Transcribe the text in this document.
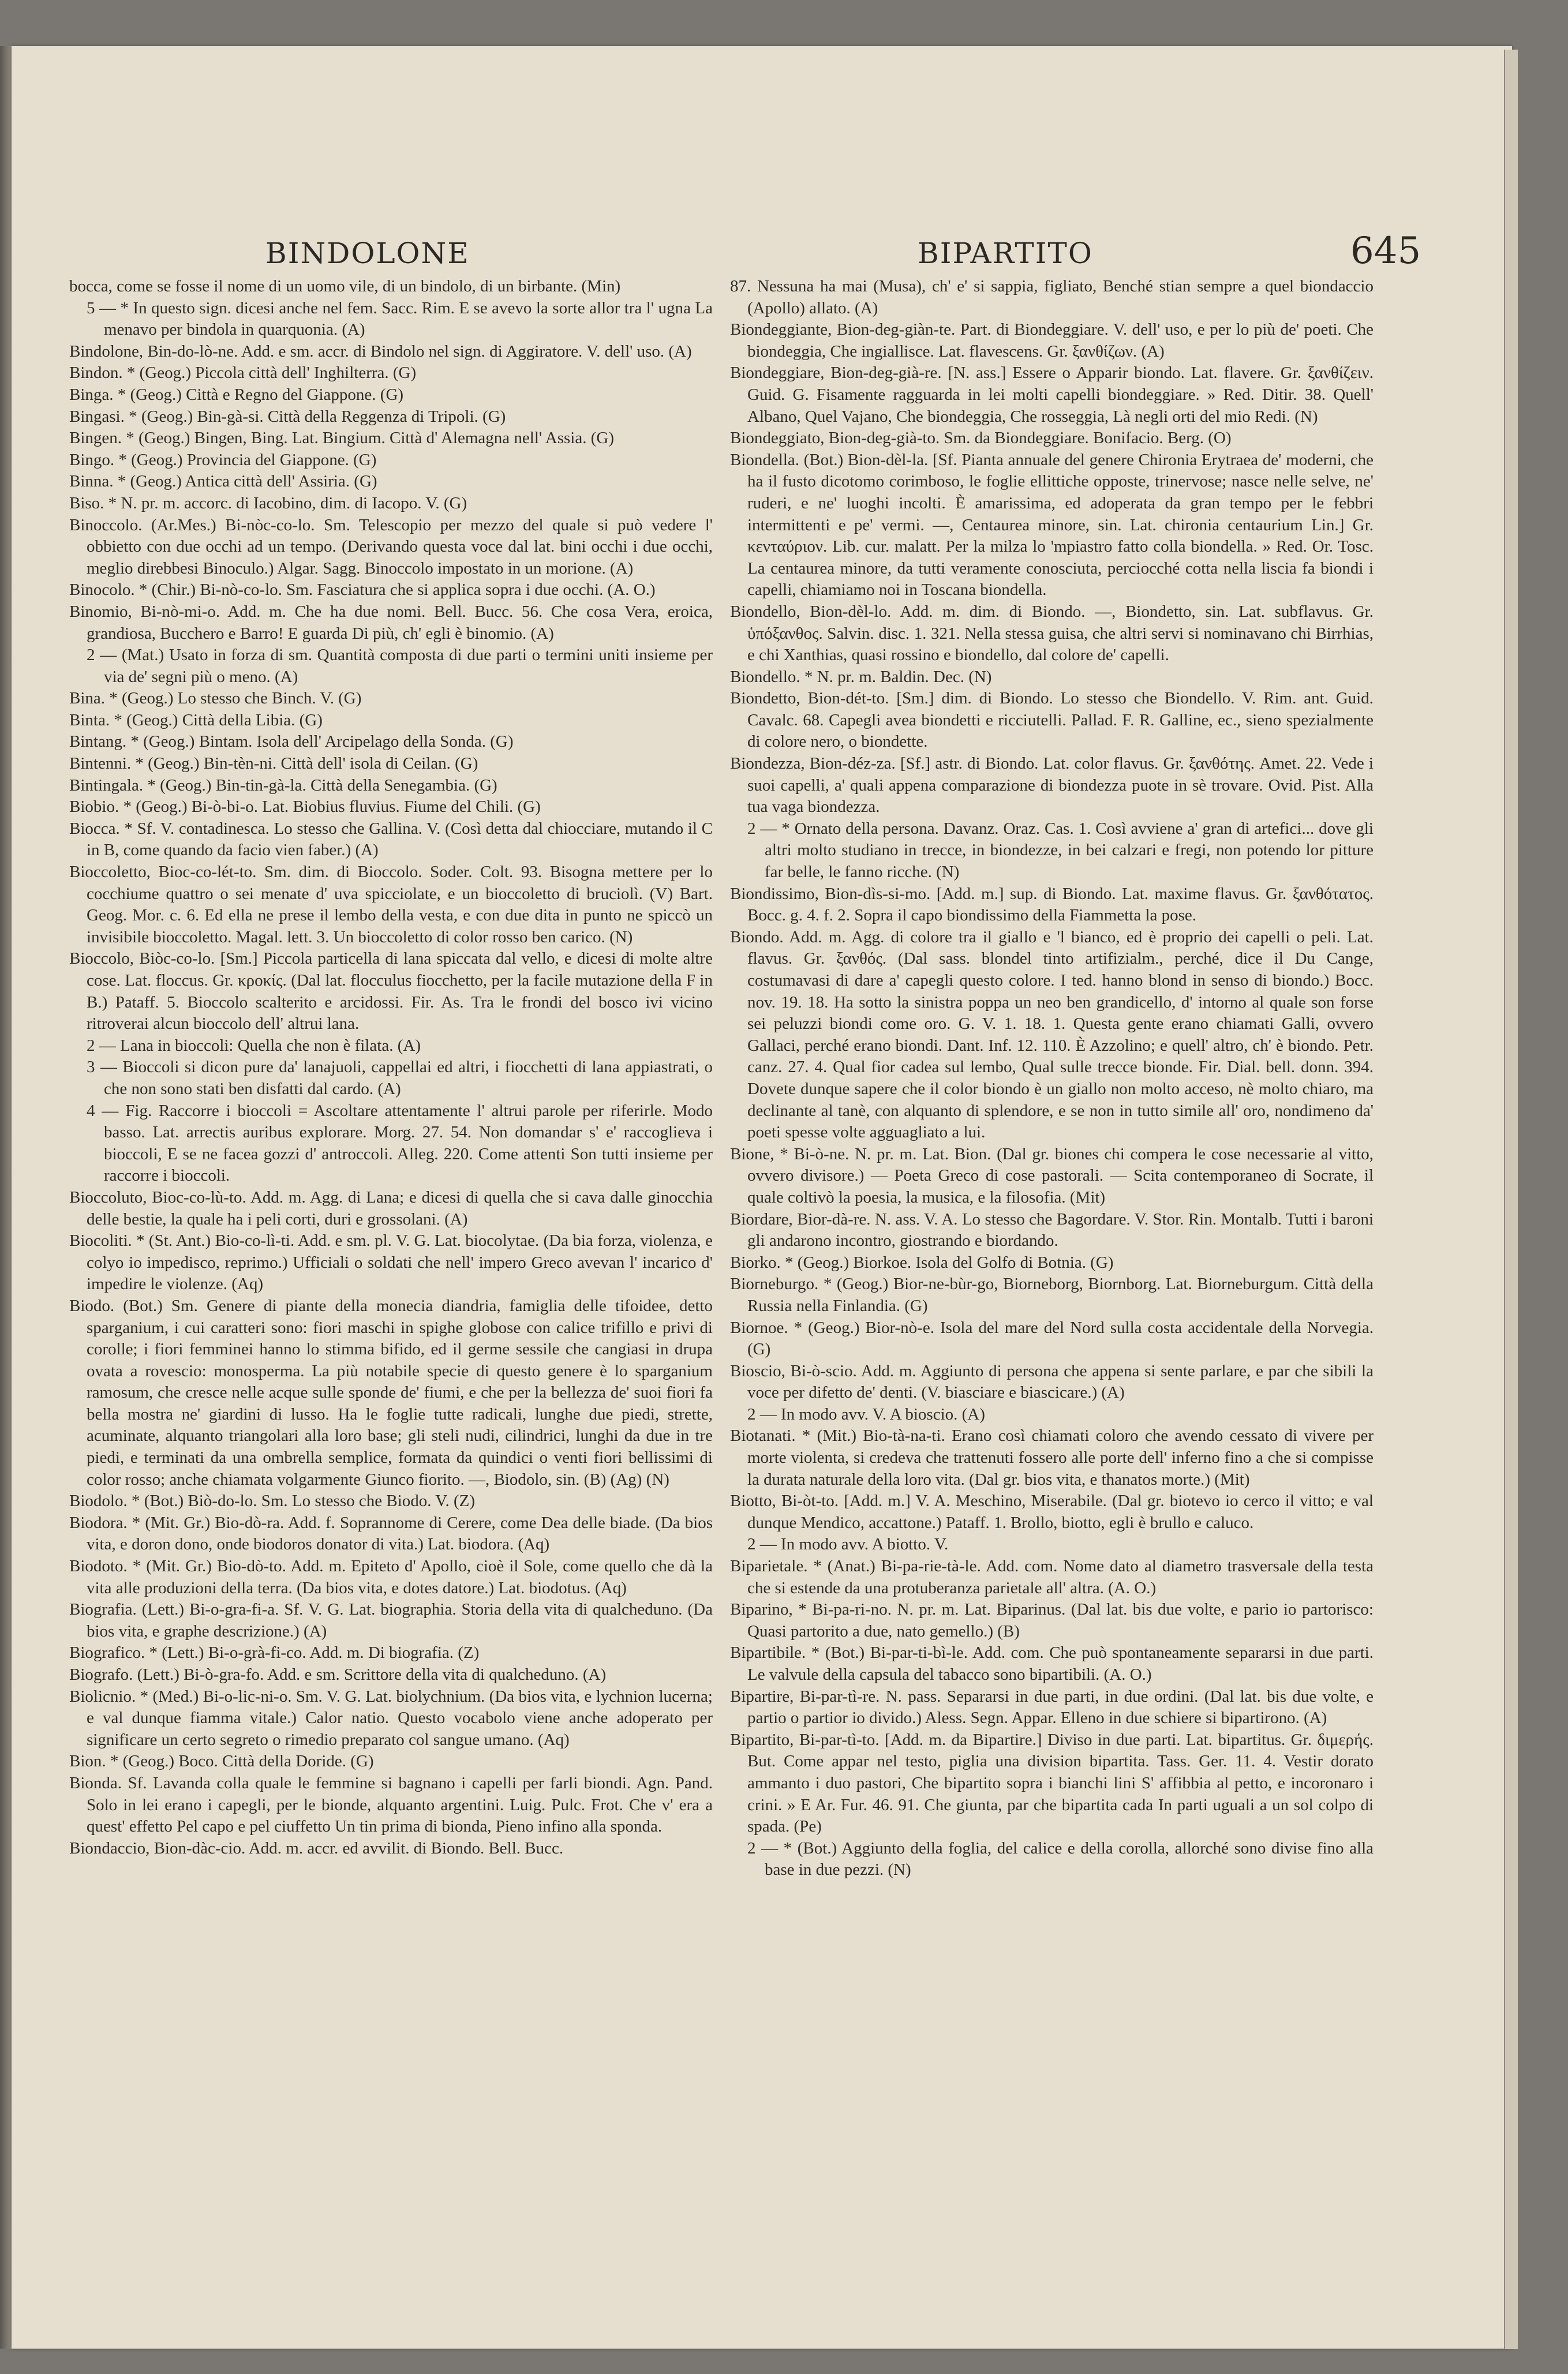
BINDOLONE	BIPARTITO	645

bocca, come se fosse il nome di un uomo vile, di un bindolo, di un birbante. (Min)

5 — * In questo sign. dicesi anche nel fem. Sacc. Rim. E se avevo la sorte allor tra l' ugna La menavo per bindola in quarquonia. (A)

Bindolone, Bin-do-lò-ne. Add. e sm. accr. di Bindolo nel sign. di Aggiratore. V. dell' uso. (A)

Bindon. * (Geog.) Piccola città dell' Inghilterra. (G)

Binga. * (Geog.) Città e Regno del Giappone. (G)

Bingasi. * (Geog.) Bin-gà-si. Città della Reggenza di Tripoli. (G)

Bingen. * (Geog.) Bingen, Bing. Lat. Bingium. Città d' Alemagna nell' Assia. (G)

Bingo. * (Geog.) Provincia del Giappone. (G)

Binna. * (Geog.) Antica città dell' Assiria. (G)

Biso. * N. pr. m. accorc. di Iacobino, dim. di Iacopo. V. (G)

Binoccolo. (Ar.Mes.) Bi-nòc-co-lo. Sm. Telescopio per mezzo del quale si può vedere l' obbietto con due occhi ad un tempo. (Derivando questa voce dal lat. bini occhi i due occhi, meglio direbbesi Binoculo.) Algar. Sagg. Binoccolo impostato in un morione. (A)

Binocolo. * (Chir.) Bi-nò-co-lo. Sm. Fasciatura che si applica sopra i due occhi. (A. O.)

Binomio, Bi-nò-mi-o. Add. m. Che ha due nomi. Bell. Bucc. 56. Che cosa Vera, eroica, grandiosa, Bucchero e Barro! E guarda Di più, ch' egli è binomio. (A)

2 — (Mat.) Usato in forza di sm. Quantità composta di due parti o termini uniti insieme per via de' segni più o meno. (A)

Bina. * (Geog.) Lo stesso che Binch. V. (G)

Binta. * (Geog.) Città della Libia. (G)

Bintang. * (Geog.) Bintam. Isola dell' Arcipelago della Sonda. (G)

Bintenni. * (Geog.) Bin-tèn-ni. Città dell' isola di Ceilan. (G)

Bintingala. * (Geog.) Bin-tin-gà-la. Città della Senegambia. (G)

Biobio. * (Geog.) Bi-ò-bi-o. Lat. Biobius fluvius. Fiume del Chili. (G)

Biocca. * Sf. V. contadinesca. Lo stesso che Gallina. V. (Così detta dal chiocciare, mutando il C in B, come quando da facio vien faber.) (A)

Bioccoletto, Bioc-co-lét-to. Sm. dim. di Bioccolo. Soder. Colt. 93. Bisogna mettere per lo cocchiume quattro o sei menate d' uva spicciolate, e un bioccoletto di bruciolì. (V) Bart. Geog. Mor. c. 6. Ed ella ne prese il lembo della vesta, e con due dita in punto ne spiccò un invisibile bioccoletto. Magal. lett. 3. Un bioccoletto di color rosso ben carico. (N)

Bioccolo, Biòc-co-lo. [Sm.] Piccola particella di lana spiccata dal vello, e dicesi di molte altre cose. Lat. floccus. Gr. κροκίς. (Dal lat. flocculus fiocchetto, per la facile mutazione della F in B.) Pataff. 5. Bioccolo scalterito e arcidossi. Fir. As. Tra le frondi del bosco ivi vicino ritroverai alcun bioccolo dell' altrui lana.

2 — Lana in bioccoli: Quella che non è filata. (A)

3 — Bioccoli si dicon pure da' lanajuoli, cappellai ed altri, i fiocchetti di lana appiastrati, o che non sono stati ben disfatti dal cardo. (A)

4 — Fig. Raccorre i bioccoli = Ascoltare attentamente l' altrui parole per riferirle. Modo basso. Lat. arrectis auribus explorare. Morg. 27. 54. Non domandar s' e' raccoglieva i bioccoli, E se ne facea gozzi d' antroccoli. Alleg. 220. Come attenti Son tutti insieme per raccorre i bioccoli.

Bioccoluto, Bioc-co-lù-to. Add. m. Agg. di Lana; e dicesi di quella che si cava dalle ginocchia delle bestie, la quale ha i peli corti, duri e grossolani. (A)

Biocoliti. * (St. Ant.) Bio-co-lì-ti. Add. e sm. pl. V. G. Lat. biocolytae. (Da bia forza, violenza, e colyo io impedisco, reprimo.) Ufficiali o soldati che nell' impero Greco avevan l' incarico d' impedire le violenze. (Aq)

Biodo. (Bot.) Sm. Genere di piante della monecia diandria, famiglia delle tifoidee, detto sparganium, i cui caratteri sono: fiori maschi in spighe globose con calice trifillo e privi di corolle; i fiori femminei hanno lo stimma bifido, ed il germe sessile che cangiasi in drupa ovata a rovescio: monosperma. La più notabile specie di questo genere è lo sparganium ramosum, che cresce nelle acque sulle sponde de' fiumi, e che per la bellezza de' suoi fiori fa bella mostra ne' giardini di lusso. Ha le foglie tutte radicali, lunghe due piedi, strette, acuminate, alquanto triangolari alla loro base; gli steli nudi, cilindrici, lunghi da due in tre piedi, e terminati da una ombrella semplice, formata da quindici o venti fiori bellissimi di color rosso; anche chiamata volgarmente Giunco fiorito. —, Biodolo, sin. (B) (Ag) (N)

Biodolo. * (Bot.) Biò-do-lo. Sm. Lo stesso che Biodo. V. (Z)

Biodora. * (Mit. Gr.) Bio-dò-ra. Add. f. Soprannome di Cerere, come Dea delle biade. (Da bios vita, e doron dono, onde biodoros donator di vita.) Lat. biodora. (Aq)

Biodoto. * (Mit. Gr.) Bio-dò-to. Add. m. Epiteto d' Apollo, cioè il Sole, come quello che dà la vita alle produzioni della terra. (Da bios vita, e dotes datore.) Lat. biodotus. (Aq)

Biografia. (Lett.) Bi-o-gra-fi-a. Sf. V. G. Lat. biographia. Storia della vita di qualcheduno. (Da bios vita, e graphe descrizione.) (A)

Biografico. * (Lett.) Bi-o-grà-fi-co. Add. m. Di biografia. (Z)

Biografo. (Lett.) Bi-ò-gra-fo. Add. e sm. Scrittore della vita di qualcheduno. (A)

Biolicnio. * (Med.) Bi-o-lic-ni-o. Sm. V. G. Lat. biolychnium. (Da bios vita, e lychnion lucerna; e val dunque fiamma vitale.) Calor natio. Questo vocabolo viene anche adoperato per significare un certo segreto o rimedio preparato col sangue umano. (Aq)

Bion. * (Geog.) Boco. Città della Doride. (G)

Bionda. Sf. Lavanda colla quale le femmine si bagnano i capelli per farli biondi. Agn. Pand. Solo in lei erano i capegli, per le bionde, alquanto argentini. Luig. Pulc. Frot. Che v' era a quest' effetto Pel capo e pel ciuffetto Un tin prima di bionda, Pieno infino alla sponda.

Biondaccio, Bion-dàc-cio. Add. m. accr. ed avvilit. di Biondo. Bell. Bucc.

87. Nessuna ha mai (Musa), ch' e' si sappia, figliato, Benché stian sempre a quel biondaccio (Apollo) allato. (A)

Biondeggiante, Bion-deg-giàn-te. Part. di Biondeggiare. V. dell' uso, e per lo più de' poeti. Che biondeggia, Che ingiallisce. Lat. flavescens. Gr. ξανθίζων. (A)

Biondeggiare, Bion-deg-già-re. [N. ass.] Essere o Apparir biondo. Lat. flavere. Gr. ξανθίζειν. Guid. G. Fisamente ragguarda in lei molti capelli biondeggiare. » Red. Ditir. 38. Quell' Albano, Quel Vajano, Che biondeggia, Che rosseggia, Là negli orti del mio Redi. (N)

Biondeggiato, Bion-deg-già-to. Sm. da Biondeggiare. Bonifacio. Berg. (O)

Biondella. (Bot.) Bion-dèl-la. [Sf. Pianta annuale del genere Chironia Erytraea de' moderni, che ha il fusto dicotomo corimboso, le foglie ellittiche opposte, trinervose; nasce nelle selve, ne' ruderi, e ne' luoghi incolti. È amarissima, ed adoperata da gran tempo per le febbri intermittenti e pe' vermi. —, Centaurea minore, sin. Lat. chironia centaurium Lin.] Gr. κενταύριον. Lib. cur. malatt. Per la milza lo 'mpiastro fatto colla biondella. » Red. Or. Tosc. La centaurea minore, da tutti veramente conosciuta, perciocché cotta nella liscia fa biondi i capelli, chiamiamo noi in Toscana biondella.

Biondello, Bion-dèl-lo. Add. m. dim. di Biondo. —, Biondetto, sin. Lat. subflavus. Gr. ὑπόξανθος. Salvin. disc. 1. 321. Nella stessa guisa, che altri servi si nominavano chi Birrhias, e chi Xanthias, quasi rossino e biondello, dal colore de' capelli.

Biondello. * N. pr. m. Baldin. Dec. (N)

Biondetto, Bion-dét-to. [Sm.] dim. di Biondo. Lo stesso che Biondello. V. Rim. ant. Guid. Cavalc. 68. Capegli avea biondetti e ricciutelli. Pallad. F. R. Galline, ec., sieno spezialmente di colore nero, o biondette.

Biondezza, Bion-déz-za. [Sf.] astr. di Biondo. Lat. color flavus. Gr. ξανθότης. Amet. 22. Vede i suoi capelli, a' quali appena comparazione di biondezza puote in sè trovare. Ovid. Pist. Alla tua vaga biondezza.

2 — * Ornato della persona. Davanz. Oraz. Cas. 1. Così avviene a' gran di artefici... dove gli altri molto studiano in trecce, in biondezze, in bei calzari e fregi, non potendo lor pitture far belle, le fanno ricche. (N)

Biondissimo, Bion-dìs-si-mo. [Add. m.] sup. di Biondo. Lat. maxime flavus. Gr. ξανθότατος. Bocc. g. 4. f. 2. Sopra il capo biondissimo della Fiammetta la pose.

Biondo. Add. m. Agg. di colore tra il giallo e 'l bianco, ed è proprio dei capelli o peli. Lat. flavus. Gr. ξανθός. (Dal sass. blondel tinto artifizialm., perché, dice il Du Cange, costumavasi di dare a' capegli questo colore. I ted. hanno blond in senso di biondo.) Bocc. nov. 19. 18. Ha sotto la sinistra poppa un neo ben grandicello, d' intorno al quale son forse sei peluzzi biondi come oro. G. V. 1. 18. 1. Questa gente erano chiamati Galli, ovvero Gallaci, perché erano biondi. Dant. Inf. 12. 110. È Azzolino; e quell' altro, ch' è biondo. Petr. canz. 27. 4. Qual fior cadea sul lembo, Qual sulle trecce bionde. Fir. Dial. bell. donn. 394. Dovete dunque sapere che il color biondo è un giallo non molto acceso, nè molto chiaro, ma declinante al tanè, con alquanto di splendore, e se non in tutto simile all' oro, nondimeno da' poeti spesse volte agguagliato a lui.

Bione, * Bi-ò-ne. N. pr. m. Lat. Bion. (Dal gr. biones chi compera le cose necessarie al vitto, ovvero divisore.) — Poeta Greco di cose pastorali. — Scita contemporaneo di Socrate, il quale coltivò la poesia, la musica, e la filosofia. (Mit)

Biordare, Bior-dà-re. N. ass. V. A. Lo stesso che Bagordare. V. Stor. Rin. Montalb. Tutti i baroni gli andarono incontro, giostrando e biordando.

Biorko. * (Geog.) Biorkoe. Isola del Golfo di Botnia. (G)

Biorneburgo. * (Geog.) Bior-ne-bùr-go, Biorneborg, Biornborg. Lat. Biorneburgum. Città della Russia nella Finlandia. (G)

Biornoe. * (Geog.) Bior-nò-e. Isola del mare del Nord sulla costa accidentale della Norvegia. (G)

Bioscio, Bi-ò-scio. Add. m. Aggiunto di persona che appena si sente parlare, e par che sibili la voce per difetto de' denti. (V. biasciare e biascicare.) (A)

2 — In modo avv. V. A bioscio. (A)

Biotanati. * (Mit.) Bio-tà-na-ti. Erano così chiamati coloro che avendo cessato di vivere per morte violenta, si credeva che trattenuti fossero alle porte dell' inferno fino a che si compisse la durata naturale della loro vita. (Dal gr. bios vita, e thanatos morte.) (Mit)

Biotto, Bi-òt-to. [Add. m.] V. A. Meschino, Miserabile. (Dal gr. biotevo io cerco il vitto; e val dunque Mendico, accattone.) Pataff. 1. Brollo, biotto, egli è brullo e caluco.

2 — In modo avv. A biotto. V.

Biparietale. * (Anat.) Bi-pa-rie-tà-le. Add. com. Nome dato al diametro trasversale della testa che si estende da una protuberanza parietale all' altra. (A. O.)

Biparino, * Bi-pa-ri-no. N. pr. m. Lat. Biparinus. (Dal lat. bis due volte, e pario io partorisco: Quasi partorito a due, nato gemello.) (B)

Bipartibile. * (Bot.) Bi-par-ti-bì-le. Add. com. Che può spontaneamente separarsi in due parti. Le valvule della capsula del tabacco sono bipartibili. (A. O.)

Bipartire, Bi-par-tì-re. N. pass. Separarsi in due parti, in due ordini. (Dal lat. bis due volte, e partio o partior io divido.) Aless. Segn. Appar. Elleno in due schiere si bipartirono. (A)

Bipartito, Bi-par-tì-to. [Add. m. da Bipartire.] Diviso in due parti. Lat. bipartitus. Gr. διμερής. But. Come appar nel testo, piglia una division bipartita. Tass. Ger. 11. 4. Vestir dorato ammanto i duo pastori, Che bipartito sopra i bianchi lini S' affibbia al petto, e incoronaro i crini. » E Ar. Fur. 46. 91. Che giunta, par che bipartita cada In parti uguali a un sol colpo di spada. (Pe)

2 — * (Bot.) Aggiunto della foglia, del calice e della corolla, allorché sono divise fino alla base in due pezzi. (N)
